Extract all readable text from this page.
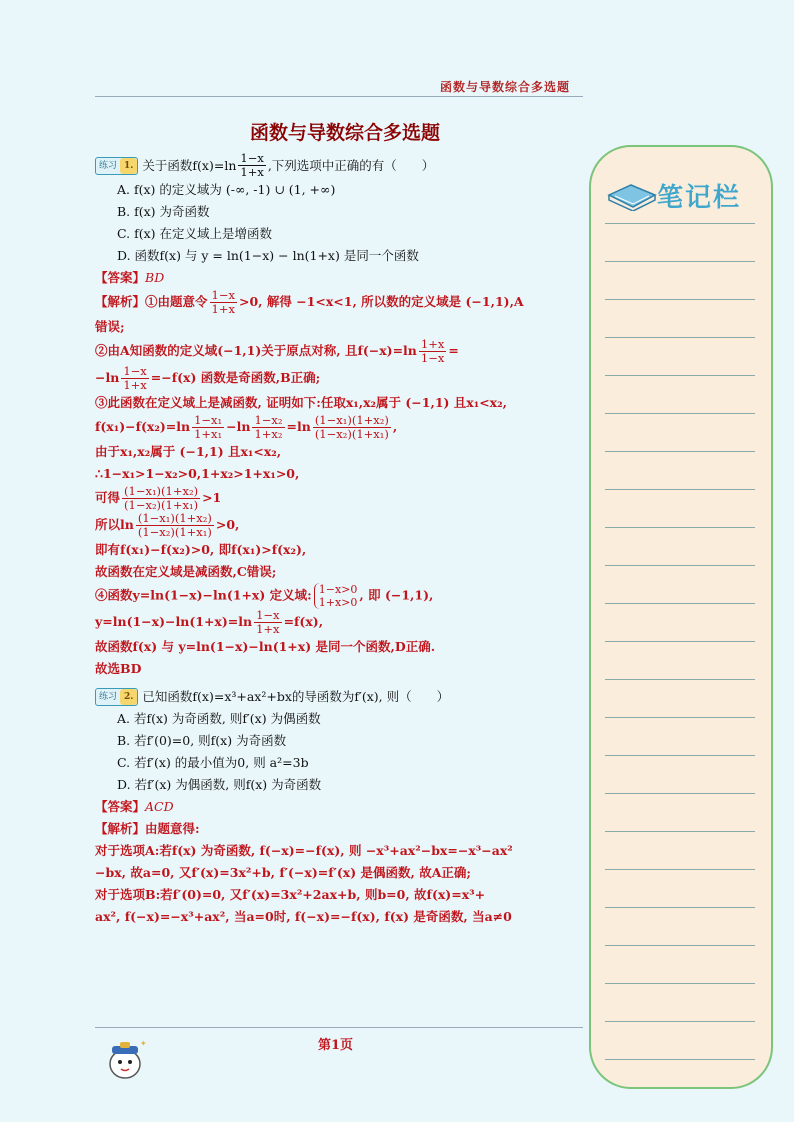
函数与导数综合多选题
函数与导数综合多选题
练习 1. 关于函数$f(x)=\ln \frac{1-x}{1+x}$ ,下列选项中正确的有（　　）
A. f(x) 的定义域为 (-∞, -1) ∪ (1, +∞)
B. f(x) 为奇函数
C. f(x) 在定义域上是增函数
D. 函数f(x) 与 y = ln(1−x) − ln(1+x) 是同一个函数
【答案】BD
【解析】①由题意令 $\frac{1-x}{1+x} >0$, 解得 −1<x<1, 所以数的定义域是 (−1,1),A
错误;
②由A知函数的定义域(−1,1)关于原点对称, 且$f(-x)=\ln \frac{1+x}{1-x}$ =
$-\ln \frac{1-x}{1+x} =-f(x)$ 函数是奇函数,B正确;
③此函数在定义域上是减函数, 证明如下:任取x₁,x₂属于 (−1,1) 且x₁<x₂,
$f(x_1)-f(x_2)=\ln \frac{\text{1−x₁}}{\text{1+x₁}} -\ln \frac{\text{1−x₂}}{\text{1+x₂}} =\ln \frac{\text{(1−x₁)(1+x₂)}}{\text{(1−x₂)(1+x₁)}}$ ,
由于x₁,x₂属于 (−1,1) 且x₁<x₂,
∴1−x₁>1−x₂>0,1+x₂>1+x₁>0,
可得 $\frac{\text{(1−x₁)(1+x₂)}}{\text{(1−x₂)(1+x₁)}} >1$
所以$\ln \frac{\text{(1−x₁)(1+x₂)}}{\text{(1−x₂)(1+x₁)}} >0$,
即有f(x₁)−f(x₂)>0, 即f(x₁)>f(x₂),
故函数在定义域是减函数,C错误;
④函数y=ln(1−x)−ln(1+x) 定义域: 1−x>0
1+x>0 , 即 (−1,1),
$y=\ln(1-x)-\ln(1+x)=\ln \frac{1-x}{1+x} =f(x)$,
故函数f(x) 与 y=ln(1−x)−ln(1+x) 是同一个函数,D正确.
故选BD
练习 2. 已知函数f(x)=x³+ax²+bx的导函数为f′(x), 则（　　）
A. 若f(x) 为奇函数, 则f′(x) 为偶函数
B. 若f′(0)=0, 则f(x) 为奇函数
C. 若f′(x) 的最小值为0, 则 a²=3b
D. 若f′(x) 为偶函数, 则f(x) 为奇函数
【答案】ACD
【解析】由题意得:
对于选项A:若f(x) 为奇函数, f(−x)=−f(x), 则 −x³+ax²−bx=−x³−ax²
−bx, 故a=0, 又f′(x)=3x²+b, f′(−x)=f′(x) 是偶函数, 故A正确;
对于选项B:若f′(0)=0, 又f′(x)=3x²+2ax+b, 则b=0, 故f(x)=x³+
ax², f(−x)=−x³+ax², 当a=0时, f(−x)=−f(x), f(x) 是奇函数, 当a≠0
✦	第1页
笔记栏
